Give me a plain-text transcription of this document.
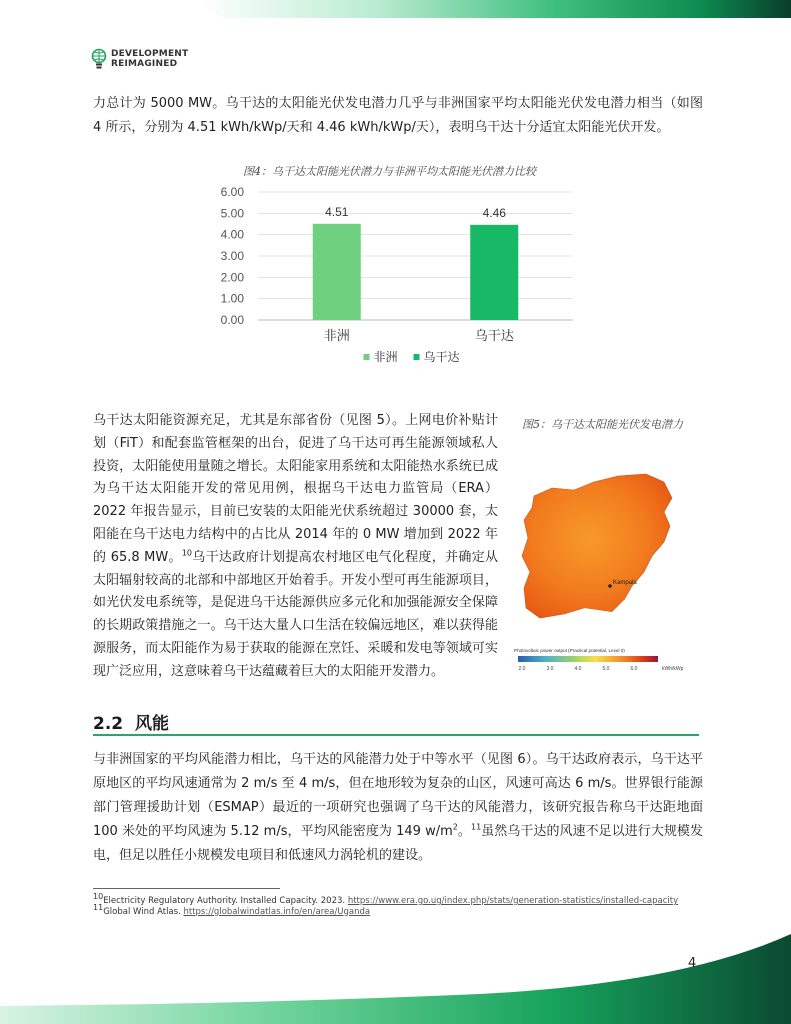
DEVELOPMENT
REIMAGINED

力总计为 5000 MW。乌干达的太阳能光伏发电潜力几乎与非洲国家平均太阳能光伏发电潜力相当（如图 4 所示，分别为 4.51 kWh/kWp/天和 4.46 kWh/kWp/天），表明乌干达十分适宜太阳能光伏开发。

图4：乌干达太阳能光伏潜力与非洲平均太阳能光伏潜力比较
0.00
1.00
2.00
3.00
4.00
5.00
6.00
4.51	4.46
非洲	乌干达
非洲 乌干达
图5：乌干达太阳能光伏发电潜力

乌干达太阳能资源充足，尤其是东部省份（见图 5）。上网电价补贴计划（FiT）和配套监管框架的出台，促进了乌干达可再生能源领域私人投资，太阳能使用量随之增长。太阳能家用系统和太阳能热水系统已成为乌干达太阳能开发的常见用例，根据乌干达电力监管局（ERA）2022 年报告显示，目前已安装的太阳能光伏系统超过 30000 套，太阳能在乌干达电力结构中的占比从 2014 年的 0 MW 增加到 2022 年的 65.8 MW。$^{10}$乌干达政府计划提高农村地区电气化程度，并确定从太阳辐射较高的北部和中部地区开始着手。开发小型可再生能源项目，如光伏发电系统等，是促进乌干达能源供应多元化和加强能源安全保障的长期政策措施之一。乌干达大量人口生活在较偏远地区，难以获得能源服务，而太阳能作为易于获取的能源在烹饪、采暖和发电等领域可实现广泛应用，这意味着乌干达蕴藏着巨大的太阳能开发潜力。

Kampala
Photovoltaic power output (Practical potential, Level 0)
2.0	3.0	4.0	5.0	6.0	kWh/kWp
2.2 风能

与非洲国家的平均风能潜力相比，乌干达的风能潜力处于中等水平（见图 6）。乌干达政府表示，乌干达平原地区的平均风速通常为 2 m/s 至 4 m/s，但在地形较为复杂的山区，风速可高达 6 m/s。世界银行能源部门管理援助计划（ESMAP）最近的一项研究也强调了乌干达的风能潜力，该研究报告称乌干达距地面 100 米处的平均风速为 5.12 m/s，平均风能密度为 149 $w/m^2$。$^{11}$虽然乌干达的风速不足以进行大规模发电，但足以胜任小规模发电项目和低速风力涡轮机的建设。

$^{10}$Electricity Regulatory Authority. Installed Capacity. 2023. https://www.era.go.ug/index.php/stats/generation-statistics/installed-capacity
$^{11}$Global Wind Atlas. https://globalwindatlas.info/en/area/Uganda
4
